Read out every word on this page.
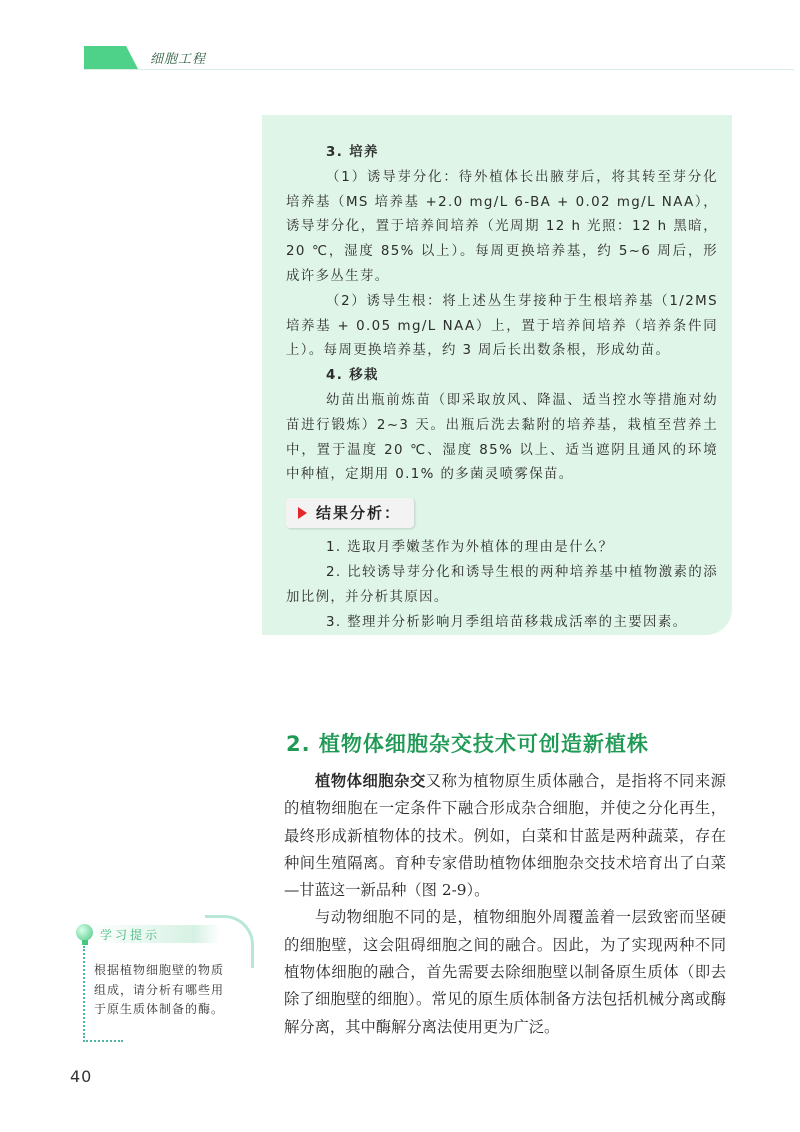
细胞工程

3. 培养

（1）诱导芽分化：待外植体长出腋芽后，将其转至芽分化培养基（MS 培养基 +2.0 mg/L 6-BA + 0.02 mg/L NAA），诱导芽分化，置于培养间培养（光周期 12 h 光照：12 h 黑暗，20 ℃，湿度 85% 以上）。每周更换培养基，约 5~6 周后，形成许多丛生芽。

（2）诱导生根：将上述丛生芽接种于生根培养基（1/2MS 培养基 + 0.05 mg/L NAA）上，置于培养间培养（培养条件同上）。每周更换培养基，约 3 周后长出数条根，形成幼苗。

4. 移栽

幼苗出瓶前炼苗（即采取放风、降温、适当控水等措施对幼苗进行锻炼）2~3 天。出瓶后洗去黏附的培养基，栽植至营养土中，置于温度 20 ℃、湿度 85% 以上、适当遮阴且通风的环境中种植，定期用 0.1% 的多菌灵喷雾保苗。

结果分析：

1. 选取月季嫩茎作为外植体的理由是什么？

2. 比较诱导芽分化和诱导生根的两种培养基中植物激素的添加比例，并分析其原因。

3. 整理并分析影响月季组培苗移栽成活率的主要因素。

2. 植物体细胞杂交技术可创造新植株

植物体细胞杂交又称为植物原生质体融合，是指将不同来源的植物细胞在一定条件下融合形成杂合细胞，并使之分化再生，最终形成新植物体的技术。例如，白菜和甘蓝是两种蔬菜，存在种间生殖隔离。育种专家借助植物体细胞杂交技术培育出了白菜—甘蓝这一新品种（图 2-9）。

与动物细胞不同的是，植物细胞外周覆盖着一层致密而坚硬的细胞壁，这会阻碍细胞之间的融合。因此，为了实现两种不同植物体细胞的融合，首先需要去除细胞壁以制备原生质体（即去除了细胞壁的细胞）。常见的原生质体制备方法包括机械分离或酶解分离，其中酶解分离法使用更为广泛。

学习提示
根据植物细胞壁的物质组成，请分析有哪些用于原生质体制备的酶。
40
